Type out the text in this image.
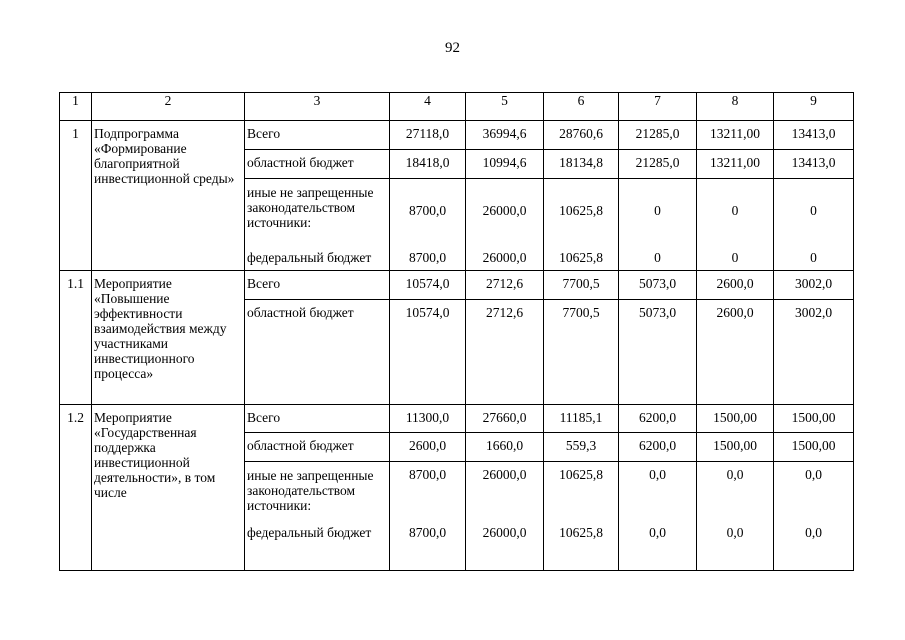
92
1	2	3	4	5	6	7	8	9
1	Подпрограмма «Формирование благоприятной инвестиционной среды»	Всего	27118,0	36994,6	28760,6	21285,0	13211,00	13413,0
		областной бюджет	18418,0	10994,6	18134,8	21285,0	13211,00	13413,0
		иные не запрещенные законодательством источники:	8700,0	26000,0	10625,8	0	0	0
		федеральный бюджет	8700,0	26000,0	10625,8	0	0	0
1.1	Мероприятие «Повышение эффективности взаимодействия между участниками инвестиционного процесса»	Всего	10574,0	2712,6	7700,5	5073,0	2600,0	3002,0
		областной бюджет	10574,0	2712,6	7700,5	5073,0	2600,0	3002,0
1.2	Мероприятие «Государственная поддержка инвестиционной деятельности», в том числе	Всего	11300,0	27660,0	11185,1	6200,0	1500,00	1500,00
		областной бюджет	2600,0	1660,0	559,3	6200,0	1500,00	1500,00
		иные не запрещенные законодательством источники:	8700,0	26000,0	10625,8	0,0	0,0	0,0
		федеральный бюджет	8700,0	26000,0	10625,8	0,0	0,0	0,0
